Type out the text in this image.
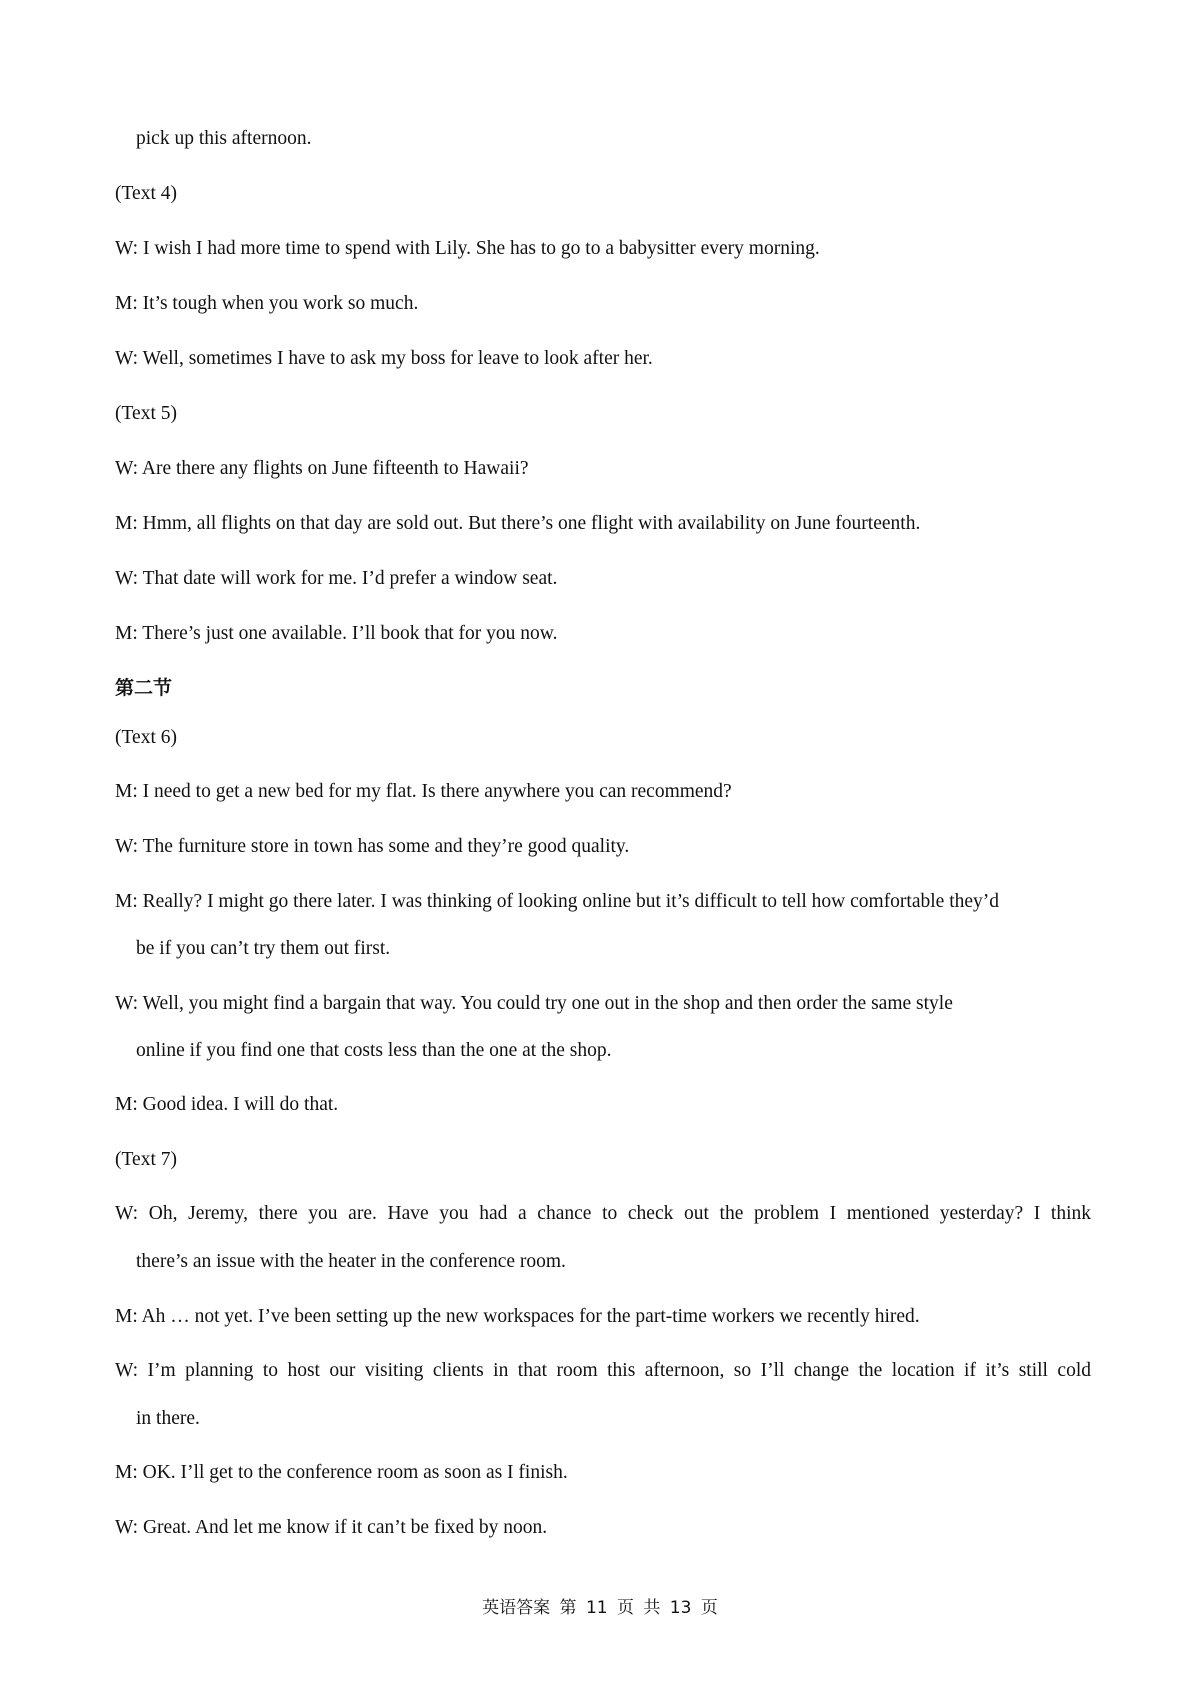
pick up this afternoon.
(Text 4)
W: I wish I had more time to spend with Lily. She has to go to a babysitter every morning.
M: It’s tough when you work so much.
W: Well, sometimes I have to ask my boss for leave to look after her.
(Text 5)
W: Are there any flights on June fifteenth to Hawaii?
M: Hmm, all flights on that day are sold out. But there’s one flight with availability on June fourteenth.
W: That date will work for me. I’d prefer a window seat.
M: There’s just one available. I’ll book that for you now.
第二节
(Text 6)
M: I need to get a new bed for my flat. Is there anywhere you can recommend?
W: The furniture store in town has some and they’re good quality.
M: Really? I might go there later. I was thinking of looking online but it’s difficult to tell how comfortable they’d
be if you can’t try them out first.
W: Well, you might find a bargain that way. You could try one out in the shop and then order the same style
online if you find one that costs less than the one at the shop.
M: Good idea. I will do that.
(Text 7)
W: Oh, Jeremy, there you are. Have you had a chance to check out the problem I mentioned yesterday? I think
there’s an issue with the heater in the conference room.
M: Ah … not yet. I’ve been setting up the new workspaces for the part-time workers we recently hired.
W: I’m planning to host our visiting clients in that room this afternoon, so I’ll change the location if it’s still cold
in there.
M: OK. I’ll get to the conference room as soon as I finish.
W: Great. And let me know if it can’t be fixed by noon.
英语答案 第 11 页 共 13 页
